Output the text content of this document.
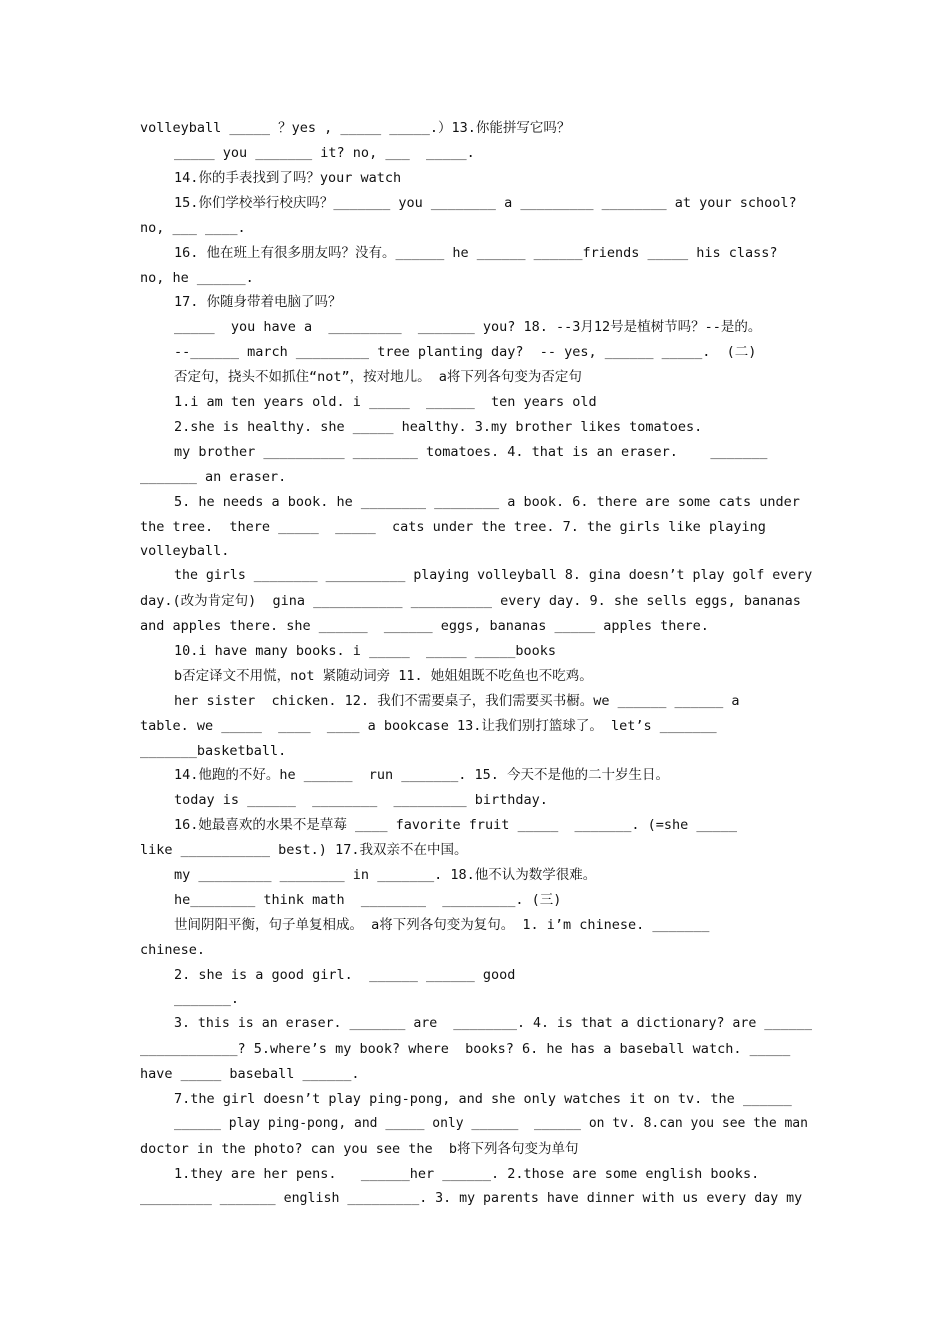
volleyball _____ ？yes , _____ _____.）13.你能拼写它吗？
_____ you _______ it? no, ___  _____.
14.你的手表找到了吗？your watch
15.你们学校举行校庆吗？_______ you ________ a _________ ________ at your school?
no, ___ ____.
16. 他在班上有很多朋友吗？没有。______ he ______ ______friends _____ his class?
no, he ______.
17. 你随身带着电脑了吗？
_____  you have a  _________  _______ you? 18. --3月12号是植树节吗？--是的。
--______ march _________ tree planting day?  -- yes, ______ _____.  (二)
否定句，挠头不如抓住“not”，按对地儿。 a将下列各句变为否定句
1.i am ten years old. i _____  ______  ten years old
2.she is healthy. she _____ healthy. 3.my brother likes tomatoes.
my brother __________ ________ tomatoes. 4. that is an eraser.    _______
_______ an eraser.
5. he needs a book. he ________ ________ a book. 6. there are some cats under
the tree.  there _____  _____  cats under the tree. 7. the girls like playing
volleyball.
the girls ________ __________ playing volleyball 8. gina doesn’t play golf every
day.(改为肯定句)  gina ___________ __________ every day. 9. she sells eggs, bananas
and apples there. she ______  ______ eggs, bananas _____ apples there.
10.i have many books. i _____  _____ _____books
b否定译文不用慌，not 紧随动词旁 11. 她姐姐既不吃鱼也不吃鸡。
her sister  chicken. 12. 我们不需要桌子，我们需要买书橱。we ______ ______ a
table. we _____  ____  ____ a bookcase 13.让我们别打篮球了。 let’s _______
_______basketball.
14.他跑的不好。he ______  run _______. 15. 今天不是他的二十岁生日。
today is ______  ________  _________ birthday.
16.她最喜欢的水果不是草莓 ____ favorite fruit _____  _______. (=she _____
like ___________ best.) 17.我双亲不在中国。
my _________ ________ in _______. 18.他不认为数学很难。
he________ think math  ________  _________. (三)
世间阴阳平衡，句子单复相成。 a将下列各句变为复句。 1. i’m chinese. _______
chinese.
2. she is a good girl.  ______ ______ good
_______.
3. this is an eraser. _______ are  ________. 4. is that a dictionary? are ______
____________? 5.where’s my book? where  books? 6. he has a baseball watch. _____
have _____ baseball ______.
7.the girl doesn’t play ping-pong, and she only watches it on tv. the ______
______ play ping-pong, and _____ only ______  ______ on tv. 8.can you see the man
doctor in the photo? can you see the  b将下列各句变为单句
1.they are her pens.   ______her ______. 2.those are some english books.
_________ _______ english _________. 3. my parents have dinner with us every day my
